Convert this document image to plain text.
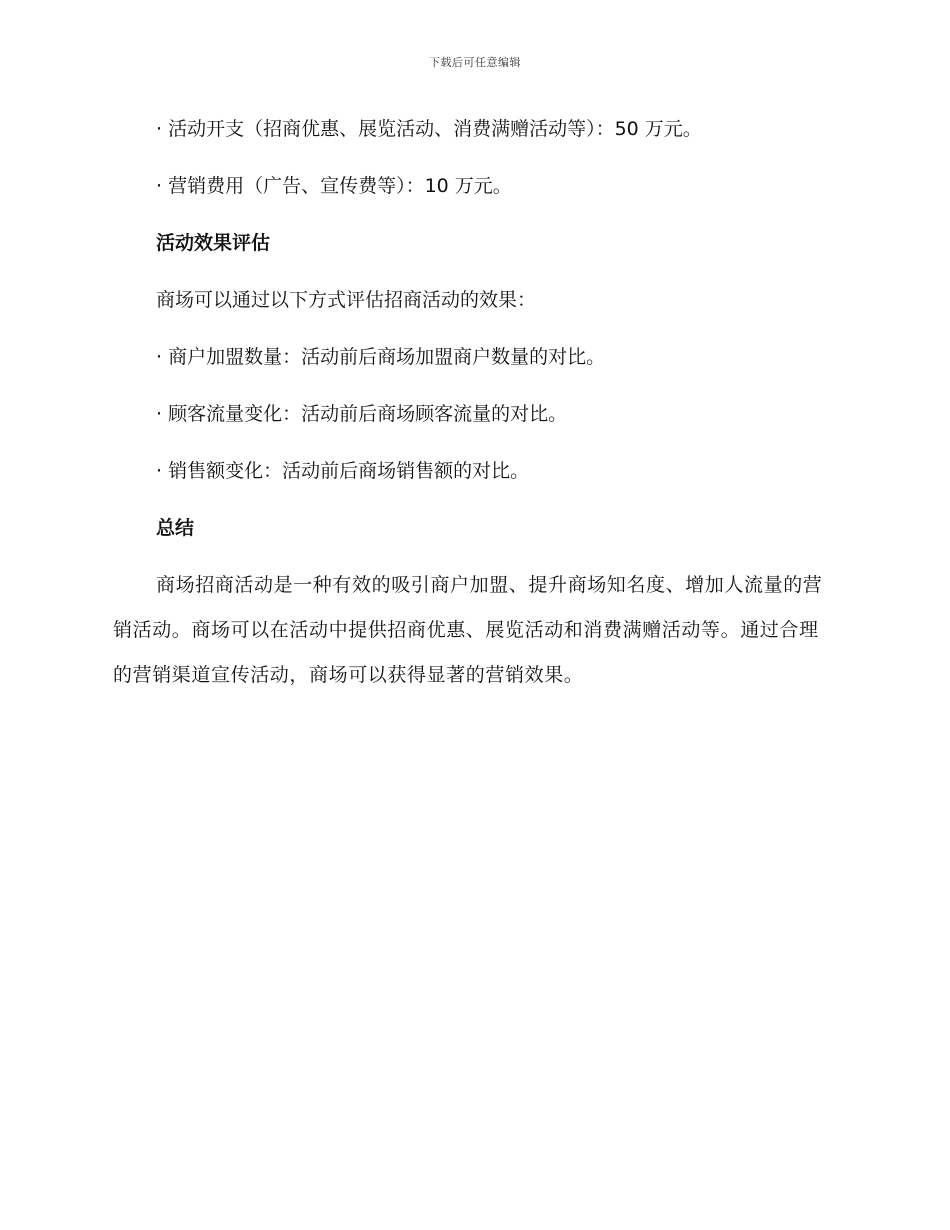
下载后可任意编辑
· 活动开支（招商优惠、展览活动、消费满赠活动等）：50 万元。
· 营销费用（广告、宣传费等）：10 万元。
活动效果评估
商场可以通过以下方式评估招商活动的效果：
· 商户加盟数量：活动前后商场加盟商户数量的对比。
· 顾客流量变化：活动前后商场顾客流量的对比。
· 销售额变化：活动前后商场销售额的对比。
总结
商场招商活动是一种有效的吸引商户加盟、提升商场知名度、增加人流量的营销活动。商场可以在活动中提供招商优惠、展览活动和消费满赠活动等。通过合理的营销渠道宣传活动，商场可以获得显著的营销效果。
